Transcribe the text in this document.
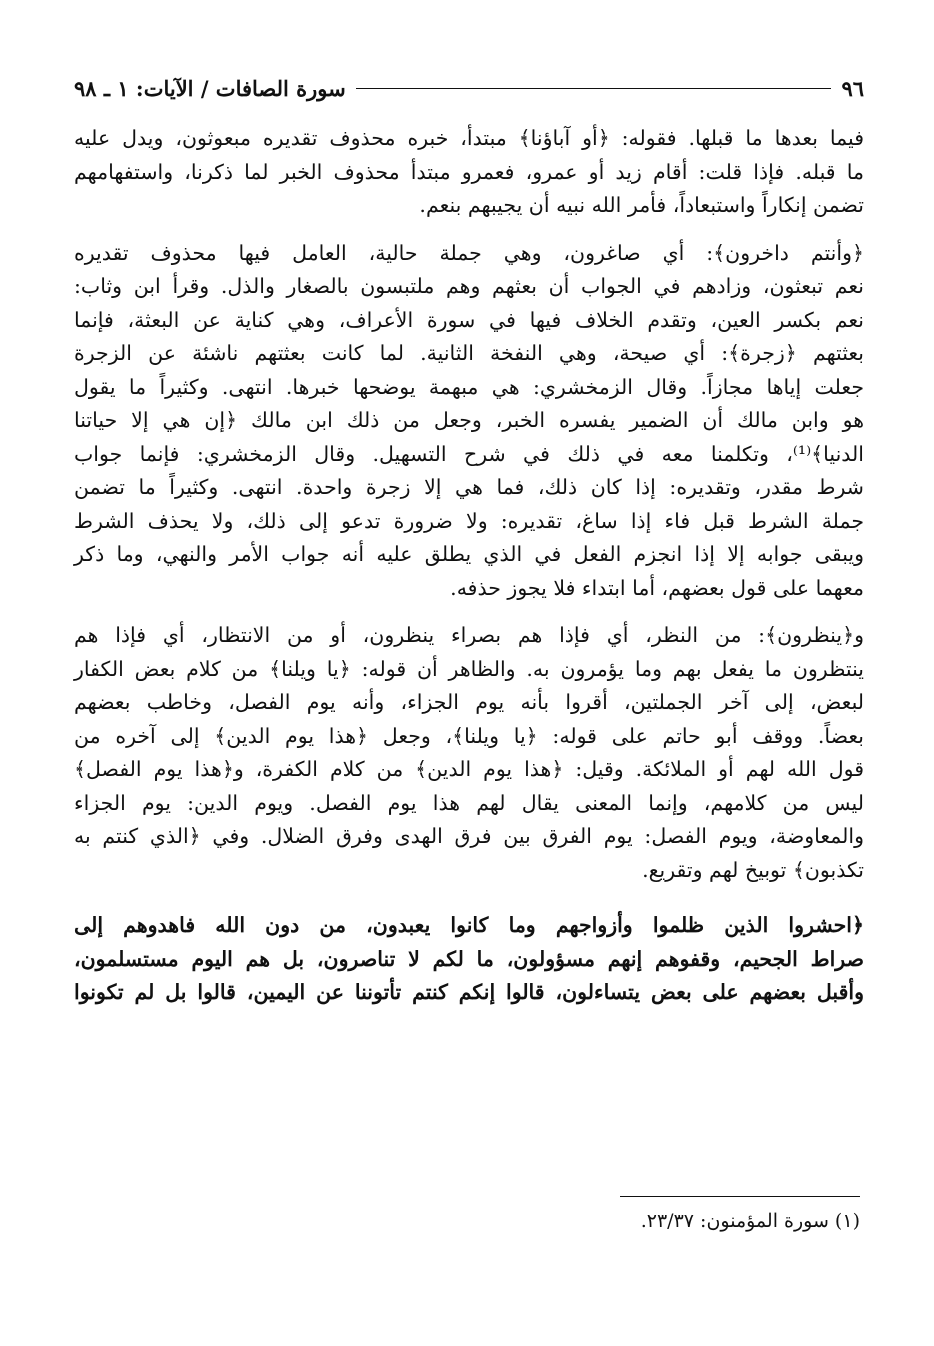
٩٦
سورة الصافات / الآيات: ١ ـ ٩٨
فيما بعدها ما قبلها. فقوله: ﴿أو آباؤنا﴾ مبتدأ، خبره محذوف تقديره مبعوثون، ويدل عليه
ما قبله. فإذا قلت: أقام زيد أو عمرو، فعمرو مبتدأ محذوف الخبر لما ذكرنا، واستفهامهم
تضمن إنكاراً واستبعاداً، فأمر الله نبيه أن يجيبهم بنعم.
﴿وأنتم داخرون﴾: أي صاغرون، وهي جملة حالية، العامل فيها محذوف تقديره
نعم تبعثون، وزادهم في الجواب أن بعثهم وهم ملتبسون بالصغار والذل. وقرأ ابن وثاب:
نعم بكسر العين، وتقدم الخلاف فيها في سورة الأعراف، وهي كناية عن البعثة، فإنما
بعثتهم ﴿زجرة﴾: أي صيحة، وهي النفخة الثانية. لما كانت بعثتهم ناشئة عن الزجرة
جعلت إياها مجازاً. وقال الزمخشري: هي مبهمة يوضحها خبرها. انتهى. وكثيراً ما يقول
هو وابن مالك أن الضمير يفسره الخبر، وجعل من ذلك ابن مالك ﴿إن هي إلا حياتنا
الدنيا﴾⁽¹⁾، وتكلمنا معه في ذلك في شرح التسهيل. وقال الزمخشري: فإنما جواب
شرط مقدر، وتقديره: إذا كان ذلك، فما هي إلا زجرة واحدة. انتهى. وكثيراً ما تضمن
جملة الشرط قبل فاء إذا ساغ، تقديره: ولا ضرورة تدعو إلى ذلك، ولا يحذف الشرط
ويبقى جوابه إلا إذا انجزم الفعل في الذي يطلق عليه أنه جواب الأمر والنهي، وما ذكر
معهما على قول بعضهم، أما ابتداء فلا يجوز حذفه.
و﴿ينظرون﴾: من النظر، أي فإذا هم بصراء ينظرون، أو من الانتظار، أي فإذا هم
ينتظرون ما يفعل بهم وما يؤمرون به. والظاهر أن قوله: ﴿يا ويلنا﴾ من كلام بعض الكفار
لبعض، إلى آخر الجملتين، أقروا بأنه يوم الجزاء، وأنه يوم الفصل، وخاطب بعضهم
بعضاً. ووقف أبو حاتم على قوله: ﴿يا ويلنا﴾، وجعل ﴿هذا يوم الدين﴾ إلى آخره من
قول الله لهم أو الملائكة. وقيل: ﴿هذا يوم الدين﴾ من كلام الكفرة، و﴿هذا يوم الفصل﴾
ليس من كلامهم، وإنما المعنى يقال لهم هذا يوم الفصل. ويوم الدين: يوم الجزاء
والمعاوضة، ويوم الفصل: يوم الفرق بين فرق الهدى وفرق الضلال. وفي ﴿الذي كنتم به
تكذبون﴾ توبيخ لهم وتقريع.
﴿احشروا الذين ظلموا وأزواجهم وما كانوا يعبدون، من دون الله فاهدوهم إلى
صراط الجحيم، وقفوهم إنهم مسؤولون، ما لكم لا تناصرون، بل هم اليوم مستسلمون،
وأقبل بعضهم على بعض يتساءلون، قالوا إنكم كنتم تأتوننا عن اليمين، قالوا بل لم تكونوا
(١) سورة المؤمنون: ٢٣/٣٧.
